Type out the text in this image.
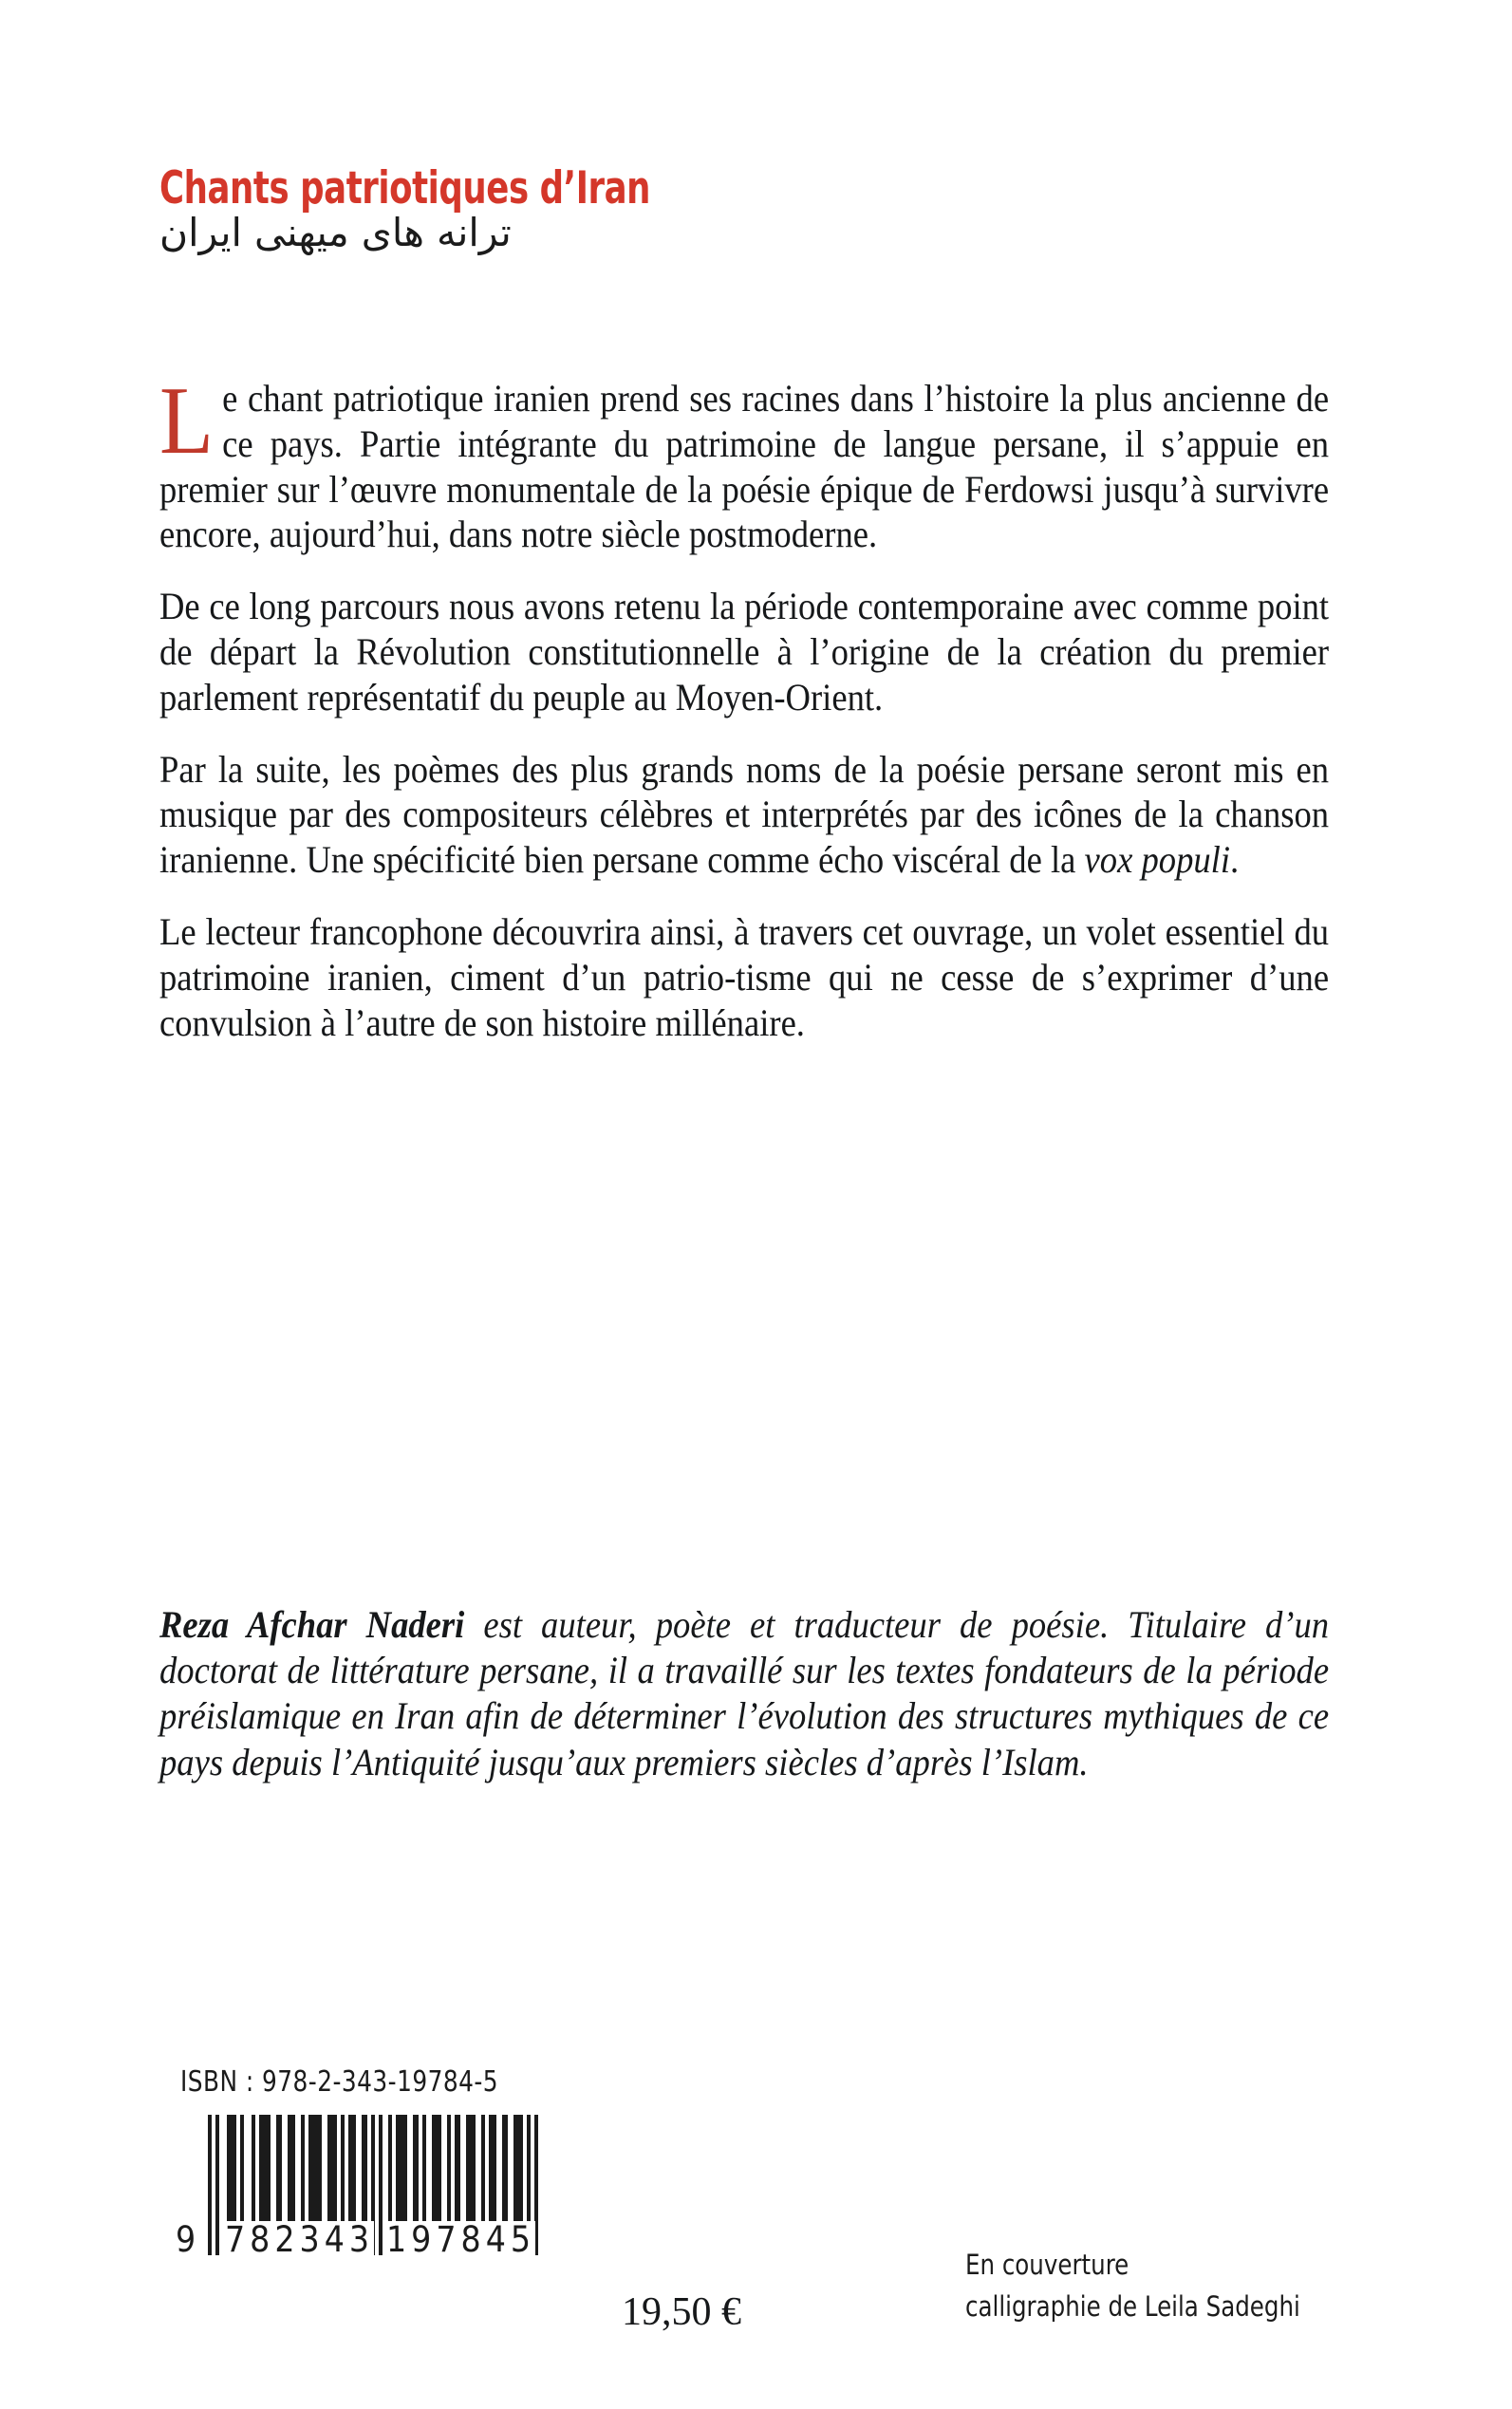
Chants patriotiques d’Iran
ترانه های میهنی ایران

Le chant patriotique iranien prend ses racines dans l’histoire la plus ancienne de ce pays. Partie intégrante du patrimoine de langue persane, il s’appuie en premier sur l’œuvre monumentale de la poésie épique de Ferdowsi jusqu’à survivre encore, aujourd’hui, dans notre siècle postmoderne.

De ce long parcours nous avons retenu la période contemporaine avec comme point de départ la Révolution constitutionnelle à l’origine de la création du premier parlement représentatif du peuple au Moyen-Orient.

Par la suite, les poèmes des plus grands noms de la poésie persane seront mis en musique par des compositeurs célèbres et interprétés par des icônes de la chanson iranienne. Une spécificité bien persane comme écho viscéral de la vox populi.

Le lecteur francophone découvrira ainsi, à travers cet ouvrage, un volet essentiel du patrimoine iranien, ciment d’un patrio-tisme qui ne cesse de s’exprimer d’une convulsion à l’autre de son histoire millénaire.

Reza Afchar Naderi est auteur, poète et traducteur de poésie. Titulaire d’un doctorat de littérature persane, il a travaillé sur les textes fondateurs de la période préislamique en Iran afin de déterminer l’évolution des structures mythiques de ce pays depuis l’Antiquité jusqu’aux premiers siècles d’après l’Islam.

ISBN : 978-2-343-19784-5
9 782343 197845
19,50 €
En couverture
calligraphie de Leila Sadeghi
